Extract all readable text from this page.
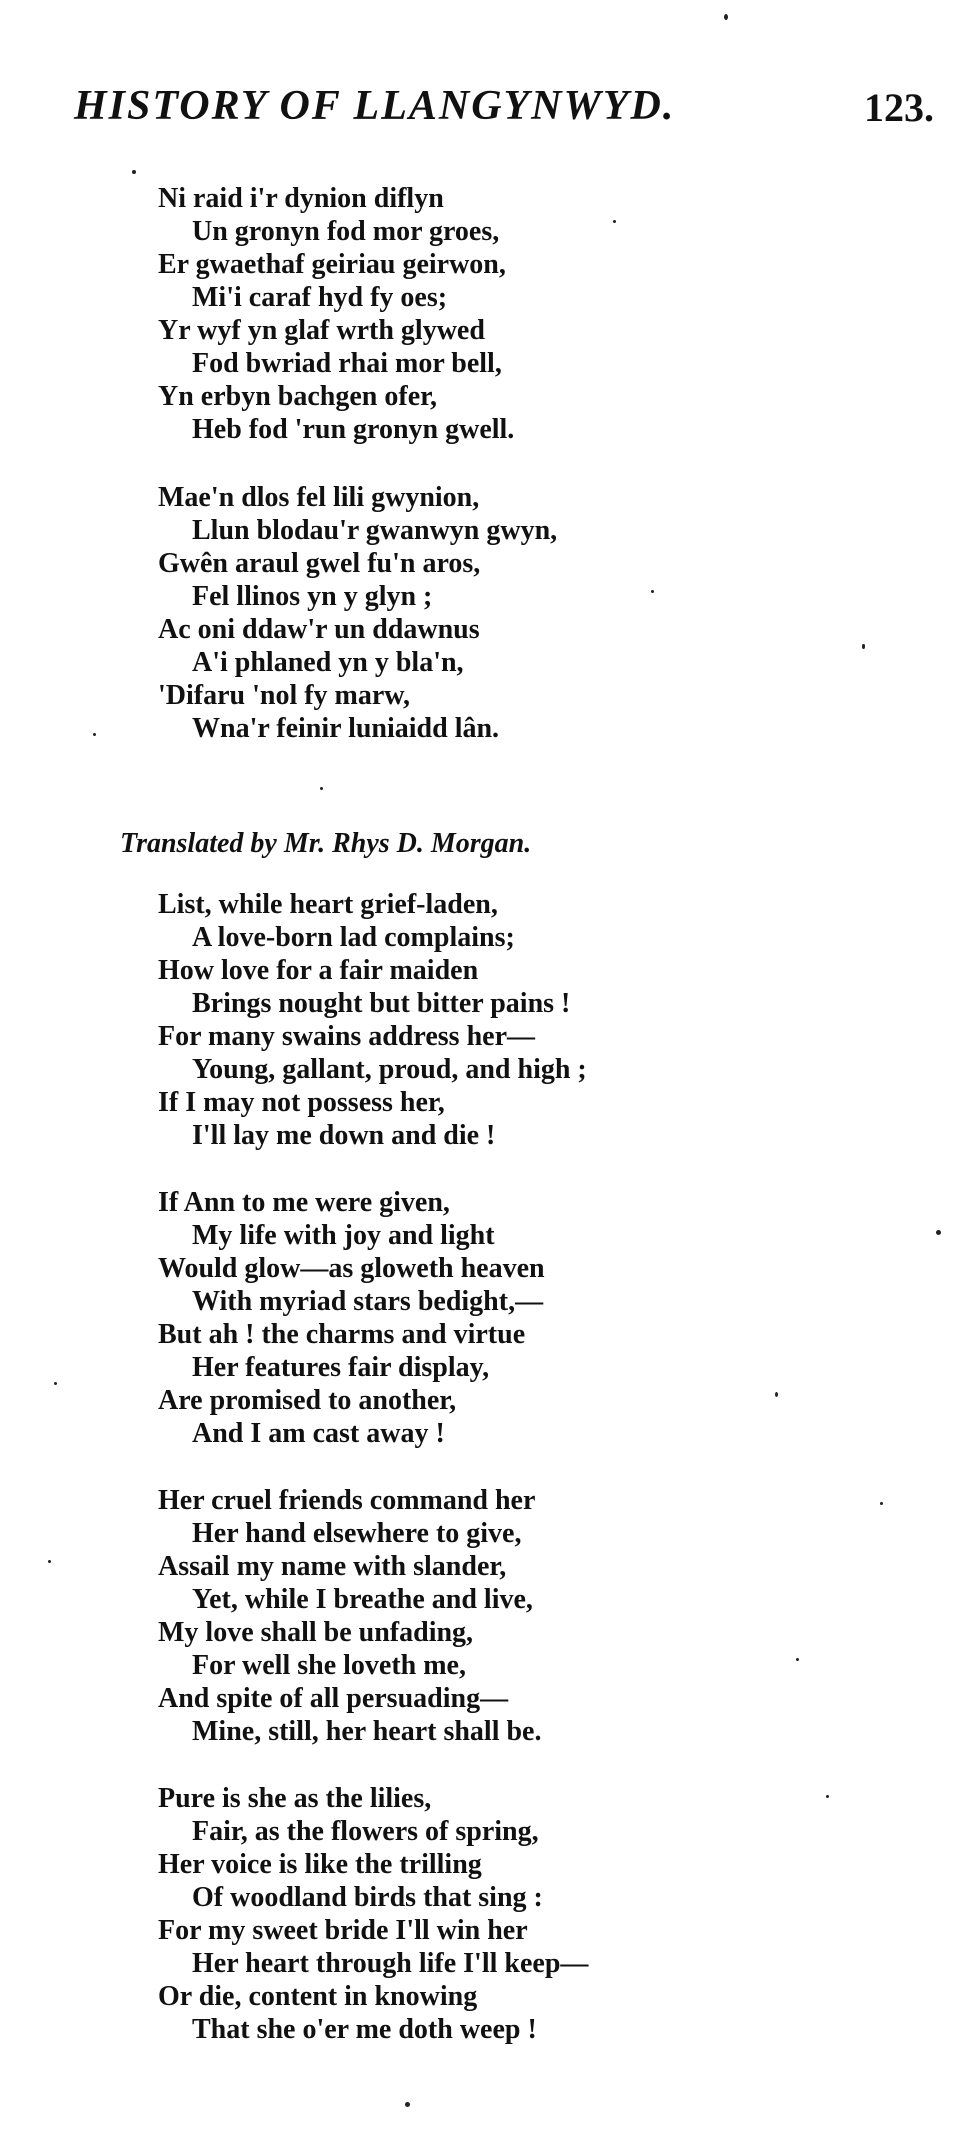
HISTORY OF LLANGYNWYD.	123.
Ni raid i'r dynion diflyn
Un gronyn fod mor groes,
Er gwaethaf geiriau geirwon,
Mi'i caraf hyd fy oes;
Yr wyf yn glaf wrth glywed
Fod bwriad rhai mor bell,
Yn erbyn bachgen ofer,
Heb fod 'run gronyn gwell.
Mae'n dlos fel lili gwynion,
Llun blodau'r gwanwyn gwyn,
Gwên araul gwel fu'n aros,
Fel llinos yn y glyn ;
Ac oni ddaw'r un ddawnus
A'i phlaned yn y bla'n,
'Difaru 'nol fy marw,
Wna'r feinir luniaidd lân.
Translated by Mr. Rhys D. Morgan.
List, while heart grief-laden,
A love-born lad complains;
How love for a fair maiden
Brings nought but bitter pains !
For many swains address her—
Young, gallant, proud, and high ;
If I may not possess her,
I'll lay me down and die !
If Ann to me were given,
My life with joy and light
Would glow—as gloweth heaven
With myriad stars bedight,—
But ah ! the charms and virtue
Her features fair display,
Are promised to another,
And I am cast away !
Her cruel friends command her
Her hand elsewhere to give,
Assail my name with slander,
Yet, while I breathe and live,
My love shall be unfading,
For well she loveth me,
And spite of all persuading—
Mine, still, her heart shall be.
Pure is she as the lilies,
Fair, as the flowers of spring,
Her voice is like the trilling
Of woodland birds that sing :
For my sweet bride I'll win her
Her heart through life I'll keep—
Or die, content in knowing
That she o'er me doth weep !
